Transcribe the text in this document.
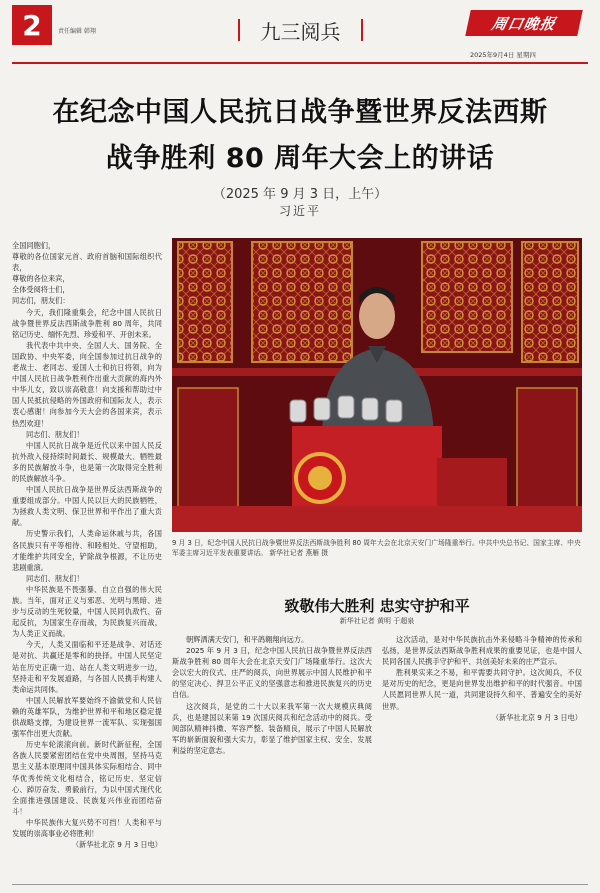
2	责任编辑 韩翔	九三阅兵	周口晚报
2025年9月4日 星期四
在纪念中国人民抗日战争暨世界反法西斯
战争胜利 80 周年大会上的讲话
（2025 年 9 月 3 日，上午）
习近平

全国同胞们，

尊敬的各位国家元首、政府首脑和国际组织代表，

尊敬的各位来宾，

全体受阅将士们，

同志们，朋友们：

今天，我们隆重集会，纪念中国人民抗日战争暨世界反法西斯战争胜利 80 周年，共同铭记历史、缅怀先烈、珍爱和平、开创未来。

我代表中共中央、全国人大、国务院、全国政协、中央军委，向全国参加过抗日战争的老战士、老同志、爱国人士和抗日将领，向为中国人民抗日战争胜利作出重大贡献的海内外中华儿女，致以崇高敬意！向支援和帮助过中国人民抵抗侵略的外国政府和国际友人，表示衷心感谢！向参加今天大会的各国来宾，表示热烈欢迎！

同志们、朋友们！

中国人民抗日战争是近代以来中国人民反抗外敌入侵持续时间最长、规模最大、牺牲最多的民族解放斗争，也是第一次取得完全胜利的民族解放斗争。

中国人民抗日战争是世界反法西斯战争的重要组成部分。中国人民以巨大的民族牺牲，为拯救人类文明、保卫世界和平作出了重大贡献。

历史警示我们，人类命运休戚与共，各国各民族只有平等相待、和睦相处、守望相助，才能维护共同安全，铲除战争根源，不让历史悲剧重演。

同志们、朋友们！

中华民族是不畏强暴、自立自强的伟大民族。当年，面对正义与邪恶、光明与黑暗、进步与反动的生死较量，中国人民同仇敌忾、奋起反抗，为国家生存而战，为民族复兴而战，为人类正义而战。

今天，人类又面临和平还是战争、对话还是对抗、共赢还是零和的抉择。中国人民坚定站在历史正确一边、站在人类文明进步一边，坚持走和平发展道路，与各国人民携手构建人类命运共同体。

中国人民解放军要始终不渝做党和人民信赖的英雄军队，为维护世界和平和地区稳定提供战略支撑，为建设世界一流军队、实现强国强军作出更大贡献。

历史车轮滚滚向前。新时代新征程，全国各族人民要紧密团结在党中央周围，坚持马克思主义基本原理同中国具体实际相结合、同中华优秀传统文化相结合，铭记历史、坚定信心、踔厉奋发、勇毅前行，为以中国式现代化全面推进强国建设、民族复兴伟业而团结奋斗！

中华民族伟大复兴势不可挡！人类和平与发展的崇高事业必将胜利！

（新华社北京 9 月 3 日电）

9 月 3 日，纪念中国人民抗日战争暨世界反法西斯战争胜利 80 周年大会在北京天安门广场隆重举行。中共中央总书记、国家主席、中央军委主席习近平发表重要讲话。 新华社记者 燕雁 摄
致敬伟大胜利 忠实守护和平
新华社记者 黄明 于超泉

朝辉洒满天安门，和平鸽翱翔向远方。

2025 年 9 月 3 日，纪念中国人民抗日战争暨世界反法西斯战争胜利 80 周年大会在北京天安门广场隆重举行。这次大会以宏大的仪式、庄严的阅兵，向世界展示中国人民维护和平的坚定决心、捍卫公平正义的坚强意志和推进民族复兴的历史自信。

这次阅兵，是党的二十大以来我军第一次大规模庆典阅兵，也是建国以来第 19 次国庆阅兵和纪念活动中的阅兵。受阅部队精神抖擞、军容严整、装备精良，展示了中国人民解放军的崭新面貌和强大实力，彰显了维护国家主权、安全、发展利益的坚定意志。

这次活动，是对中华民族抗击外来侵略斗争精神的传承和弘扬，是世界反法西斯战争胜利成果的重要见证，也是中国人民同各国人民携手守护和平、共创美好未来的庄严宣示。

胜利果实来之不易，和平需要共同守护。这次阅兵，不仅是对历史的纪念，更是向世界发出维护和平的时代强音。中国人民愿同世界人民一道，共同建设持久和平、普遍安全的美好世界。

（新华社北京 9 月 3 日电）
